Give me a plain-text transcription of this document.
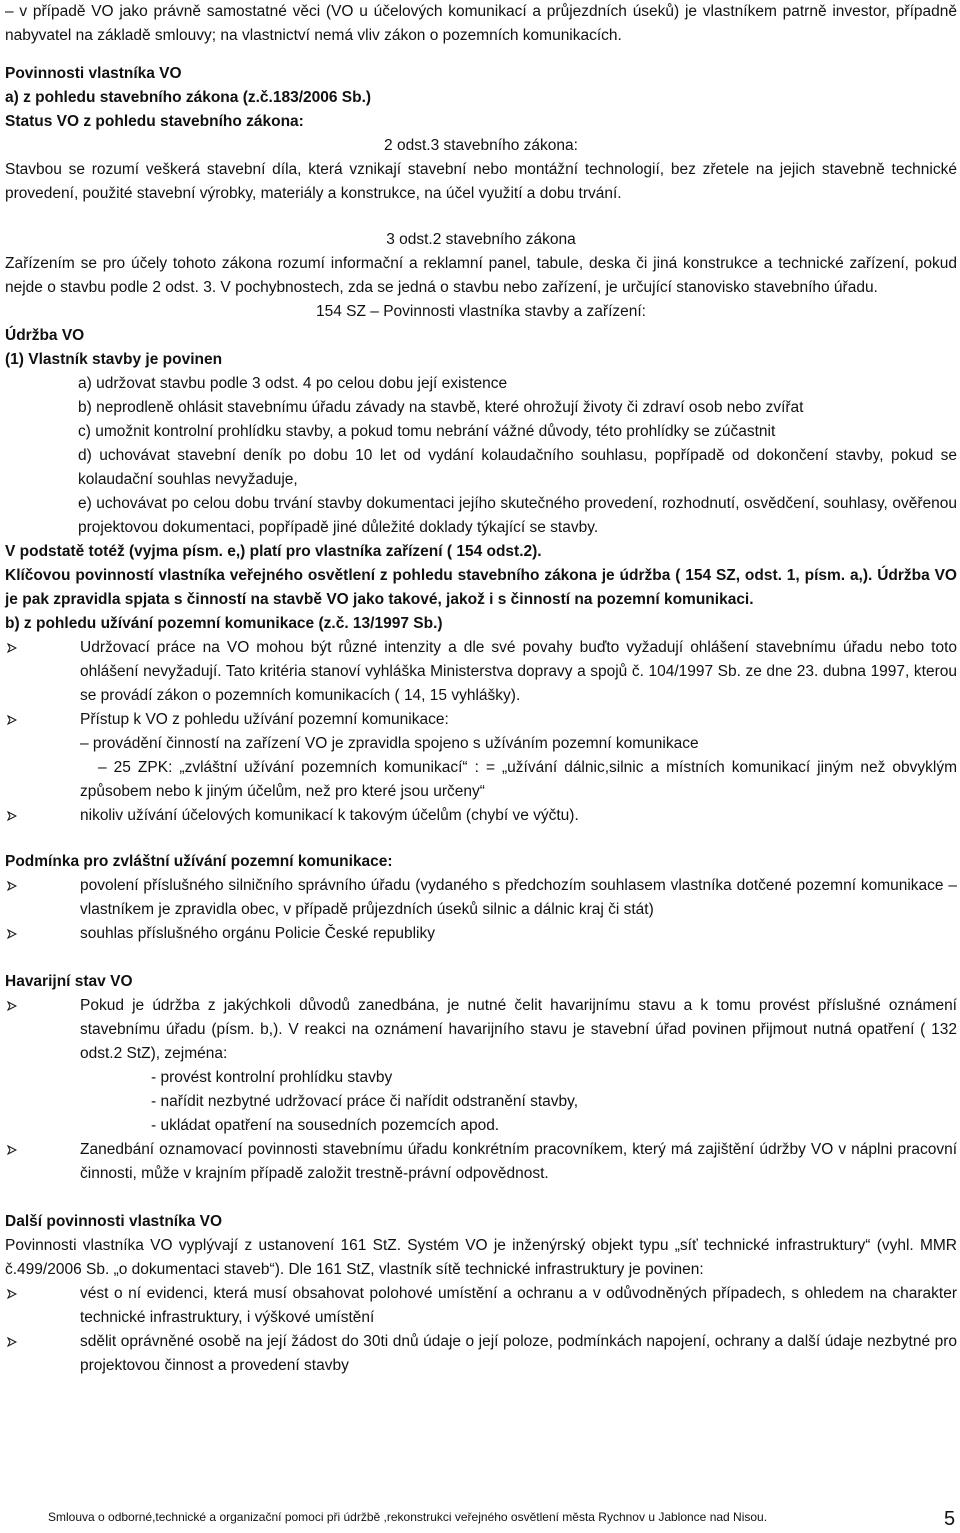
– v případě VO jako právně samostatné věci (VO u účelových komunikací a průjezdních úseků) je vlastníkem patrně investor, případně nabyvatel na základě smlouvy; na vlastnictví nemá vliv zákon o pozemních komunikacích.

Povinnosti vlastníka VO

a) z pohledu stavebního zákona (z.č.183/2006 Sb.)

Status VO z pohledu stavebního zákona:

2 odst.3 stavebního zákona:

Stavbou se rozumí veškerá stavební díla, která vznikají stavební nebo montážní technologií, bez zřetele na jejich stavebně technické provedení, použité stavební výrobky, materiály a konstrukce, na účel využití a dobu trvání.

3 odst.2 stavebního zákona

Zařízením se pro účely tohoto zákona rozumí informační a reklamní panel, tabule, deska či jiná konstrukce a technické zařízení, pokud nejde o stavbu podle 2 odst. 3. V pochybnostech, zda se jedná o stavbu nebo zařízení, je určující stanovisko stavebního úřadu.

154 SZ – Povinnosti vlastníka stavby a zařízení:

Údržba VO

(1) Vlastník stavby je povinen

a) udržovat stavbu podle 3 odst. 4 po celou dobu její existence

b) neprodleně ohlásit stavebnímu úřadu závady na stavbě, které ohrožují životy či zdraví osob nebo zvířat

c) umožnit kontrolní prohlídku stavby, a pokud tomu nebrání vážné důvody, této prohlídky se zúčastnit

d) uchovávat stavební deník po dobu 10 let od vydání kolaudačního souhlasu, popřípadě od dokončení stavby, pokud se kolaudační souhlas nevyžaduje,

e) uchovávat po celou dobu trvání stavby dokumentaci jejího skutečného provedení, rozhodnutí, osvědčení, souhlasy, ověřenou projektovou dokumentaci, popřípadě jiné důležité doklady týkající se stavby.

V podstatě totéž (vyjma písm. e,) platí pro vlastníka zařízení ( 154 odst.2).

Klíčovou povinností vlastníka veřejného osvětlení z pohledu stavebního zákona je údržba ( 154 SZ, odst. 1, písm. a,). Údržba VO je pak zpravidla spjata s činností na stavbě VO jako takové, jakož i s činností na pozemní komunikaci.

b) z pohledu užívání pozemní komunikace (z.č. 13/1997 Sb.)

Udržovací práce na VO mohou být různé intenzity a dle své povahy buďto vyžadují ohlášení stavebnímu úřadu nebo toto ohlášení nevyžadují. Tato kritéria stanoví vyhláška Ministerstva dopravy a spojů č. 104/1997 Sb. ze dne 23. dubna 1997, kterou se provádí zákon o pozemních komunikacích ( 14, 15 vyhlášky).
Přístup k VO z pohledu užívání pozemní komunikace:

– provádění činností na zařízení VO je zpravidla spojeno s užíváním pozemní komunikace

– 25 ZPK: „zvláštní užívání pozemních komunikací“ : = „užívání dálnic,silnic a místních komunikací jiným než obvyklým způsobem nebo k jiným účelům, než pro které jsou určeny“

nikoliv užívání účelových komunikací k takovým účelům (chybí ve výčtu).

Podmínka pro zvláštní užívání pozemní komunikace:

povolení příslušného silničního správního úřadu (vydaného s předchozím souhlasem vlastníka dotčené pozemní komunikace – vlastníkem je zpravidla obec, v případě průjezdních úseků silnic a dálnic kraj či stát)
souhlas příslušného orgánu Policie České republiky

Havarijní stav VO

Pokud je údržba z jakýchkoli důvodů zanedbána, je nutné čelit havarijnímu stavu a k tomu provést příslušné oznámení stavebnímu úřadu (písm. b,). V reakci na oznámení havarijního stavu je stavební úřad povinen přijmout nutná opatření ( 132 odst.2 StZ), zejména:

- provést kontrolní prohlídku stavby

- nařídit nezbytné udržovací práce či nařídit odstranění stavby,

- ukládat opatření na sousedních pozemcích apod.

Zanedbání oznamovací povinnosti stavebnímu úřadu konkrétním pracovníkem, který má zajištění údržby VO v náplni pracovní činnosti, může v krajním případě založit trestně-právní odpovědnost.

Další povinnosti vlastníka VO

Povinnosti vlastníka VO vyplývají z ustanovení 161 StZ. Systém VO je inženýrský objekt typu „síť technické infrastruktury“ (vyhl. MMR č.499/2006 Sb. „o dokumentaci staveb“). Dle 161 StZ, vlastník sítě technické infrastruktury je povinen:

vést o ní evidenci, která musí obsahovat polohové umístění a ochranu a v odůvodněných případech, s ohledem na charakter technické infrastruktury, i výškové umístění
sdělit oprávněné osobě na její žádost do 30ti dnů údaje o její poloze, podmínkách napojení, ochrany a další údaje nezbytné pro projektovou činnost a provedení stavby
Smlouva o odborné,technické a organizační pomoci při údržbě ,rekonstrukci veřejného osvětlení města Rychnov u Jablonce nad Nisou.	5
